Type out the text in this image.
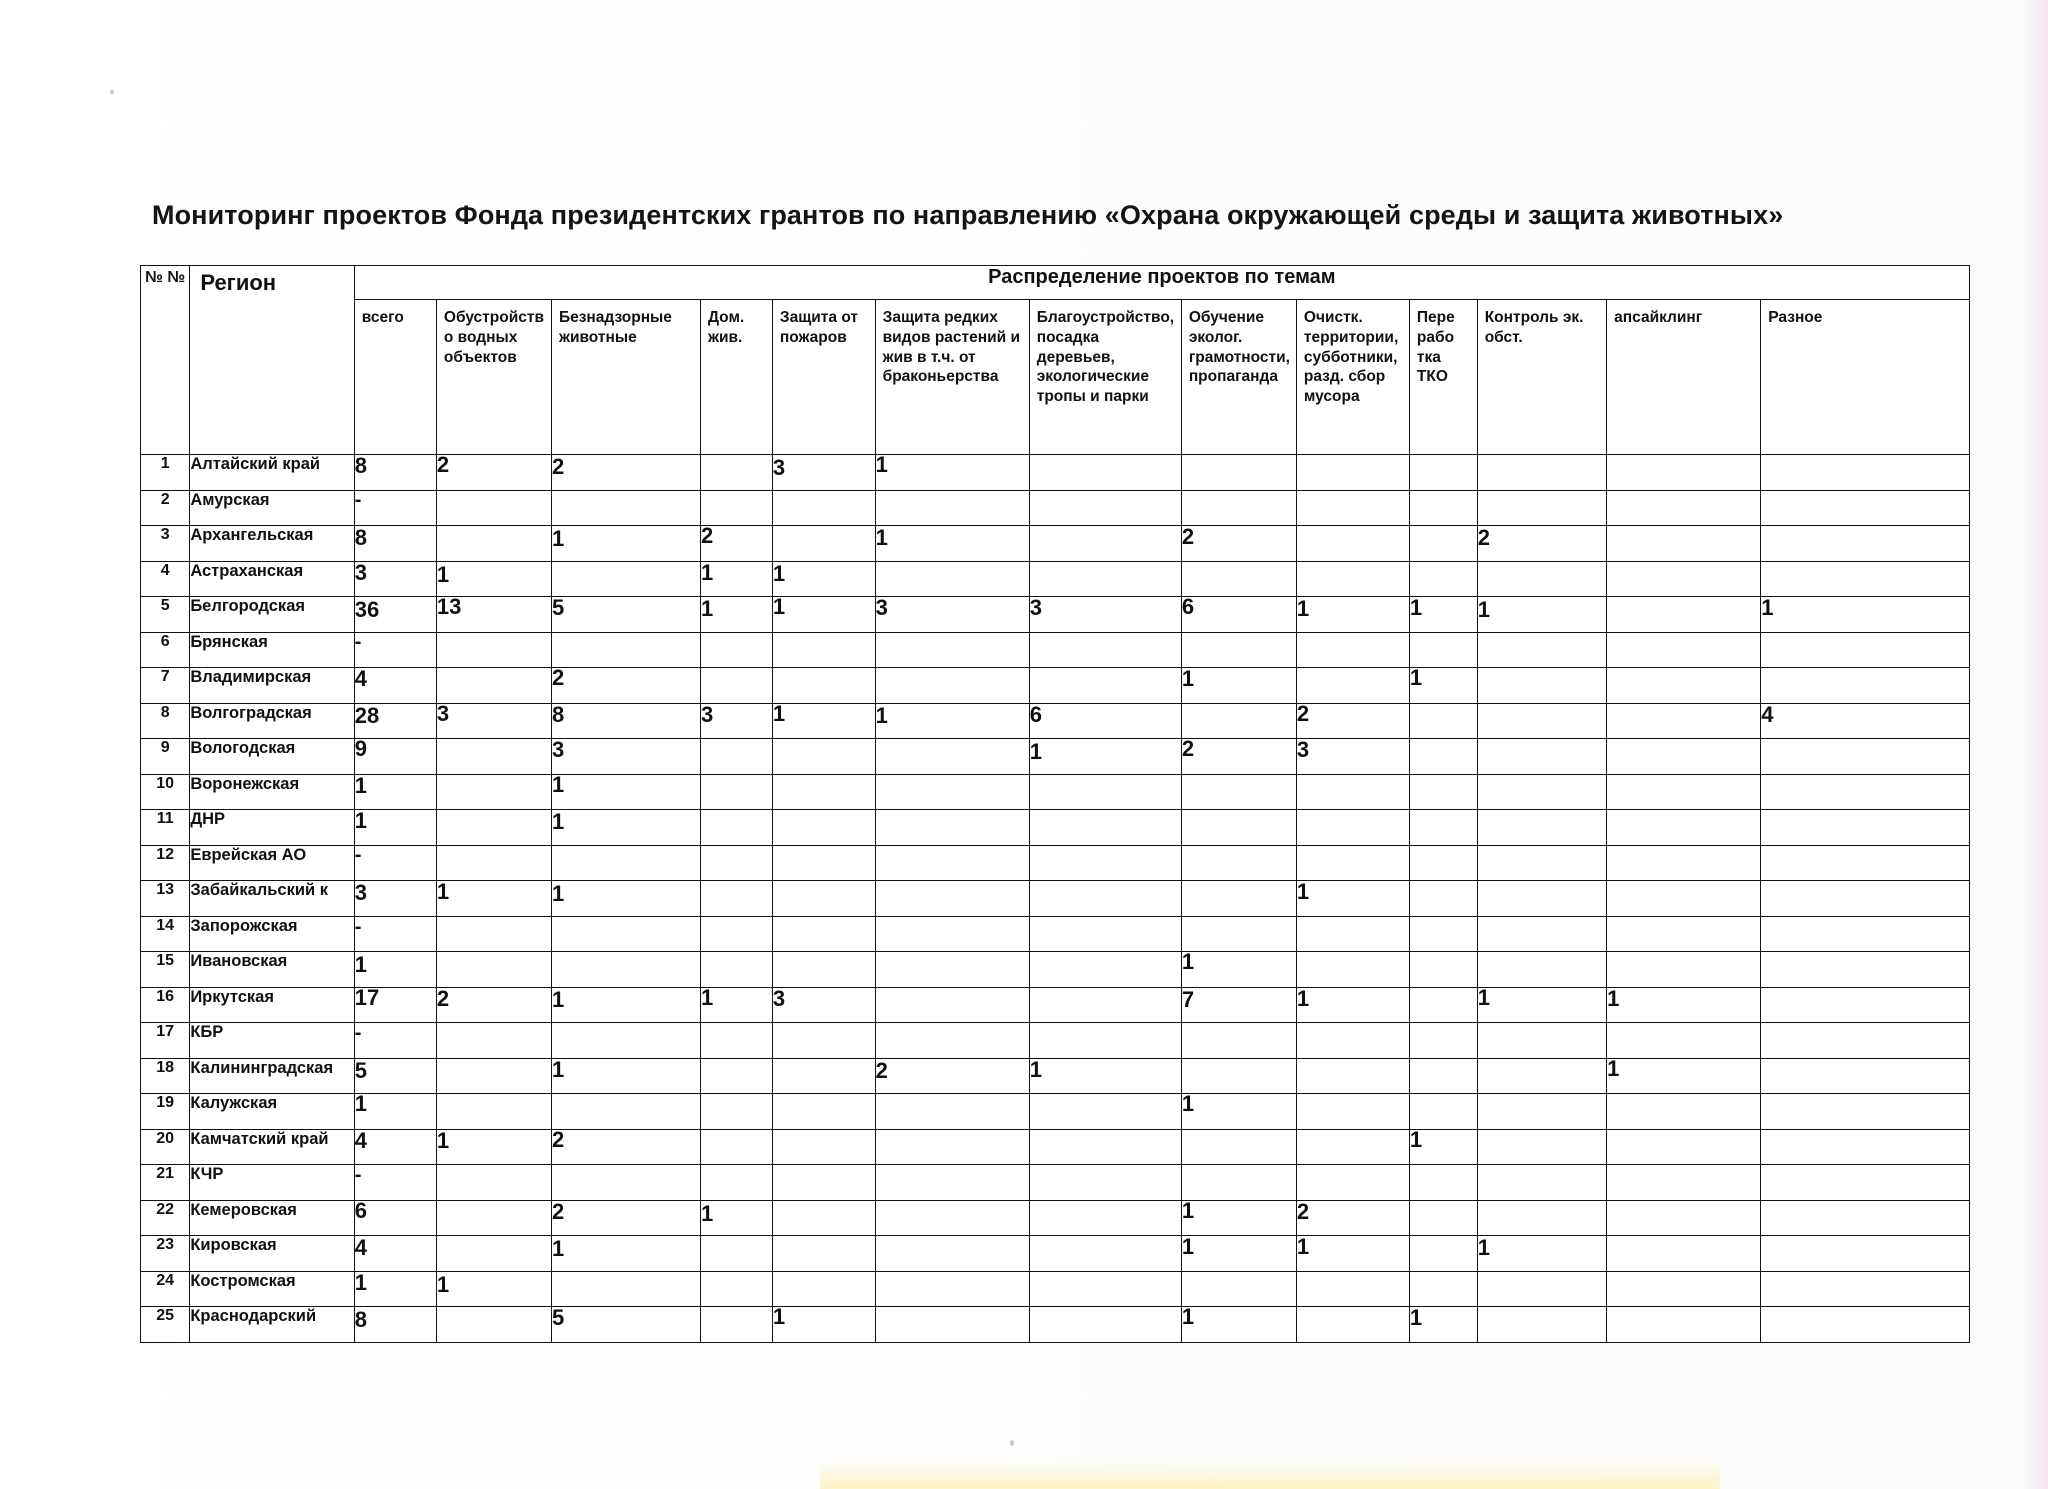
Мониторинг проектов Фонда президентских грантов по направлению «Охрана окружающей среды и защита животных»
№ №	Регион	Распределение проектов по темам												

		всего	Обустройство водных объектов	Безнадзорные животные	Дом. жив.	Защита от пожаров	Защита редких видов растений и жив в т.ч. от браконьерства	Благоустройство, посадка деревьев, экологические тропы и парки	Обучение эколог. грамотности, пропаганда	Очистк. территории, субботники, разд. сбор мусора	Пере рабо тка ТКО	Контроль эк. обст.	апсайклинг	Разное

1	Алтайский край	8	2	2		3	1							
2	Амурская	-												
3	Архангельская	8		1	2		1		2			2		
4	Астраханская	3	1		1	1								
5	Белгородская	36	13	5	1	1	3	3	6	1	1	1		1
6	Брянская	-												
7	Владимирская	4		2					1		1			
8	Волгоградская	28	3	8	3	1	1	6		2				4
9	Вологодская	9		3				1	2	3				
10	Воронежская	1		1										
11	ДНР	1		1										
12	Еврейская АО	-												
13	Забайкальский к	3	1	1						1				
14	Запорожская	-												
15	Ивановская	1							1					
16	Иркутская	17	2	1	1	3			7	1		1	1	
17	КБР	-												
18	Калининградская	5		1			2	1					1	
19	Калужская	1							1					
20	Камчатский край	4	1	2							1			
21	КЧР	-												
22	Кемеровская	6		2	1				1	2				
23	Кировская	4		1					1	1		1		
24	Костромская	1	1											
25	Краснодарский	8		5		1			1		1			
